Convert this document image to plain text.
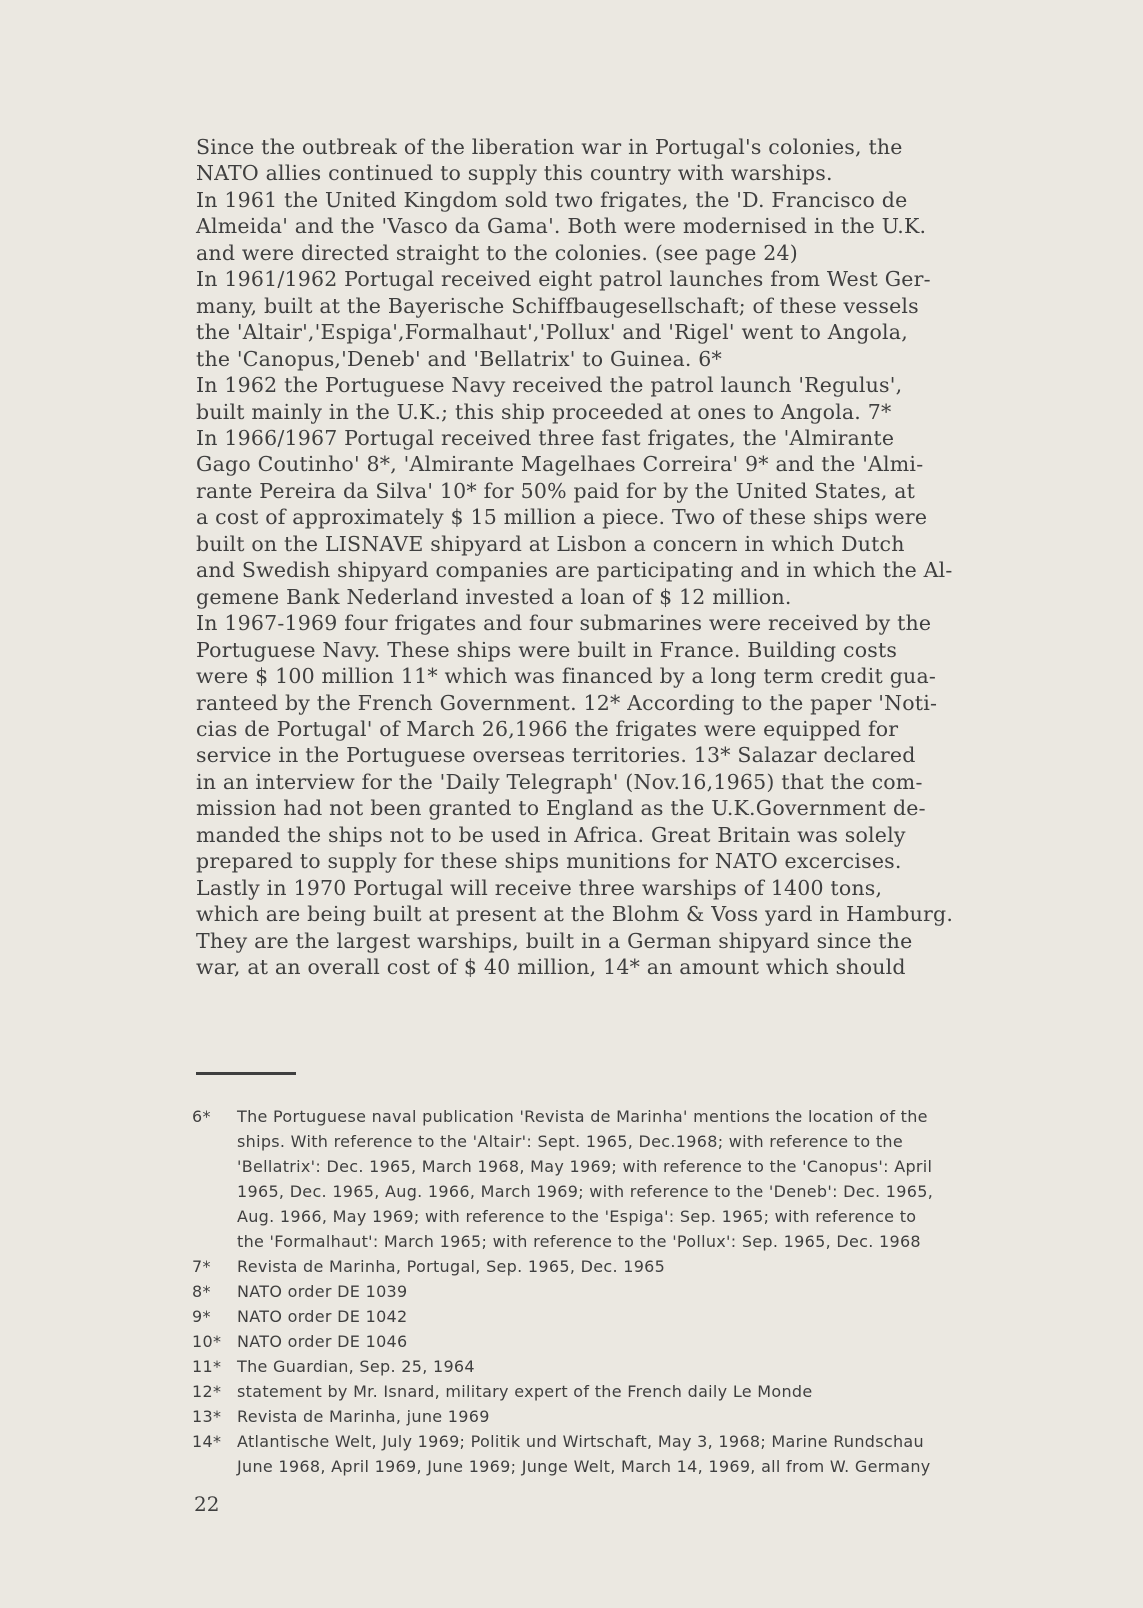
Since the outbreak of the liberation war in Portugal's colonies, the
NATO allies continued to supply this country with warships.
In 1961 the United Kingdom sold two frigates, the 'D. Francisco de
Almeida' and the 'Vasco da Gama'. Both were modernised in the U.K.
and were directed straight to the colonies. (see page 24)
In 1961/1962 Portugal received eight patrol launches from West Ger-
many, built at the Bayerische Schiffbaugesellschaft; of these vessels
the 'Altair','Espiga',Formalhaut','Pollux' and 'Rigel' went to Angola,
the 'Canopus,'Deneb' and 'Bellatrix' to Guinea. 6*
In 1962 the Portuguese Navy received the patrol launch 'Regulus',
built mainly in the U.K.; this ship proceeded at ones to Angola. 7*
In 1966/1967 Portugal received three fast frigates, the 'Almirante
Gago Coutinho' 8*, 'Almirante Magelhaes Correira' 9* and the 'Almi-
rante Pereira da Silva' 10* for 50% paid for by the United States, at
a cost of approximately $ 15 million a piece. Two of these ships were
built on the LISNAVE shipyard at Lisbon a concern in which Dutch
and Swedish shipyard companies are participating and in which the Al-
gemene Bank Nederland invested a loan of $ 12 million.
In 1967-1969 four frigates and four submarines were received by the
Portuguese Navy. These ships were built in France. Building costs
were $ 100 million 11* which was financed by a long term credit gua-
ranteed by the French Government. 12* According to the paper 'Noti-
cias de Portugal' of March 26,1966 the frigates were equipped for
service in the Portuguese overseas territories. 13* Salazar declared
in an interview for the 'Daily Telegraph' (Nov.16,1965) that the com-
mission had not been granted to England as the U.K.Government de-
manded the ships not to be used in Africa. Great Britain was solely
prepared to supply for these ships munitions for NATO excercises.
Lastly in 1970 Portugal will receive three warships of 1400 tons,
which are being built at present at the Blohm & Voss yard in Hamburg.
They are the largest warships, built in a German shipyard since the
war, at an overall cost of $ 40 million, 14* an amount which should
6*	The Portuguese naval publication 'Revista de Marinha' mentions the location of the
ships. With reference to the 'Altair': Sept. 1965, Dec.1968; with reference to the
'Bellatrix': Dec. 1965, March 1968, May 1969; with reference to the 'Canopus': April
1965, Dec. 1965, Aug. 1966, March 1969; with reference to the 'Deneb': Dec. 1965,
Aug. 1966, May 1969; with reference to the 'Espiga': Sep. 1965; with reference to
the 'Formalhaut': March 1965; with reference to the 'Pollux': Sep. 1965, Dec. 1968
7*	Revista de Marinha, Portugal, Sep. 1965, Dec. 1965
8*	NATO order DE 1039
9*	NATO order DE 1042
10* NATO order DE 1046
11* The Guardian, Sep. 25, 1964
12* statement by Mr. Isnard, military expert of the French daily Le Monde
13* Revista de Marinha, june 1969
14* Atlantische Welt, July 1969; Politik und Wirtschaft, May 3, 1968; Marine Rundschau
June 1968, April 1969, June 1969; Junge Welt, March 14, 1969, all from W. Germany
22
